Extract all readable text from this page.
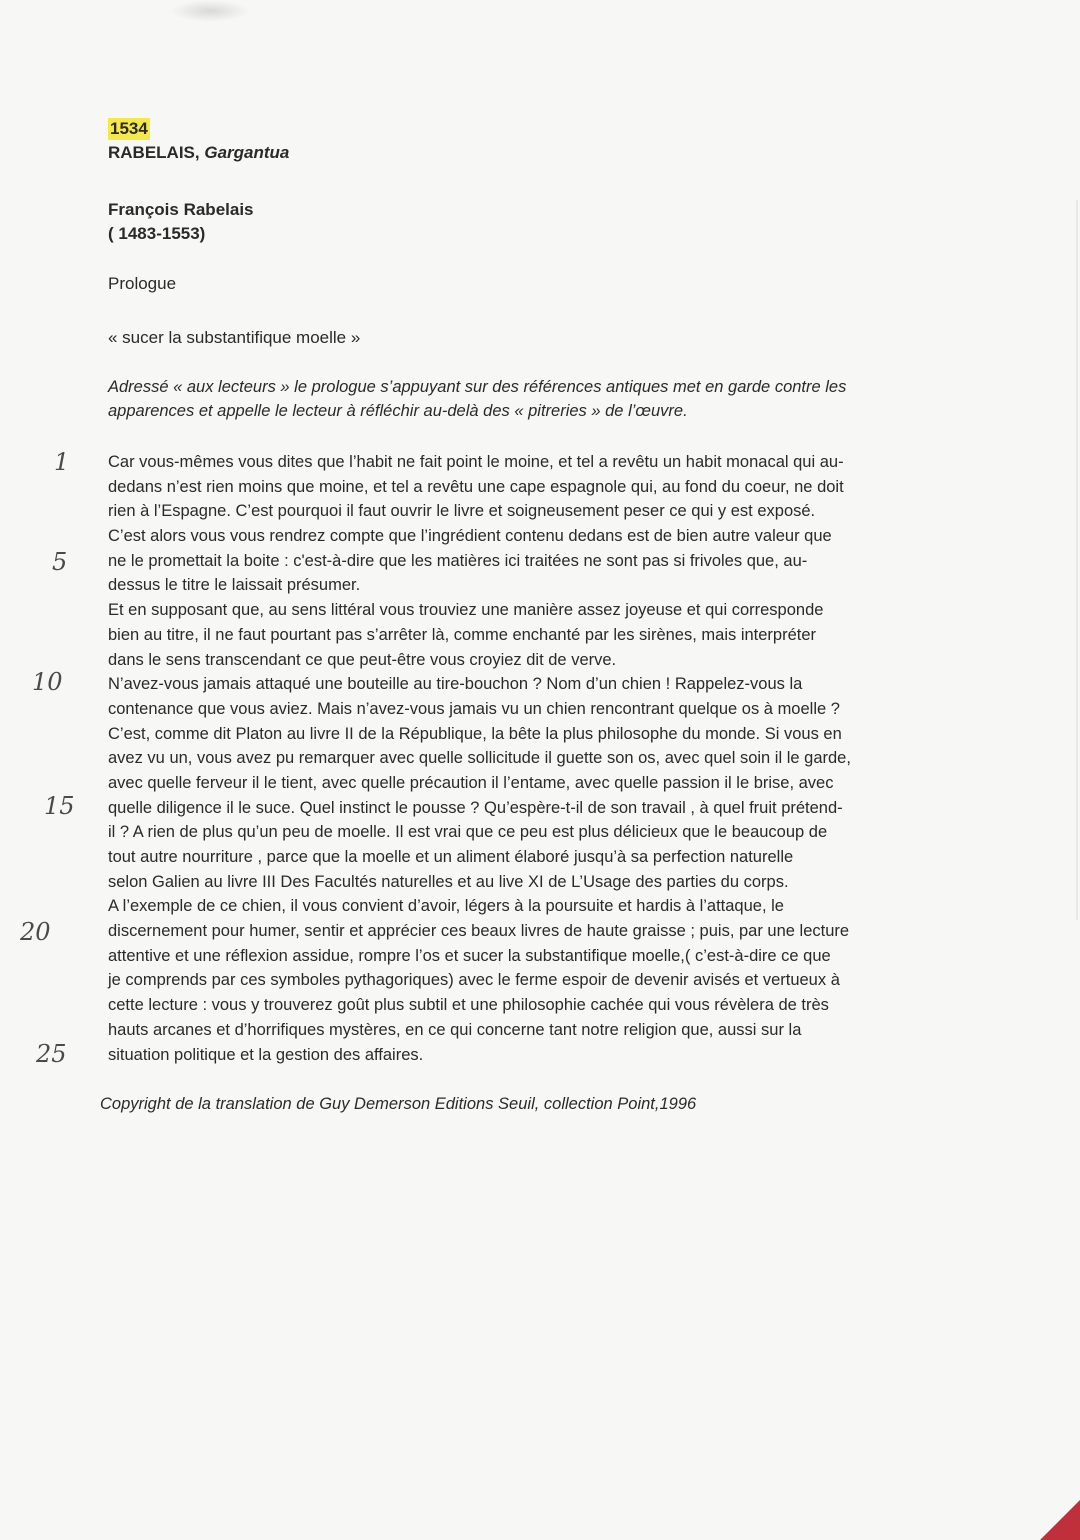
1534
RABELAIS, Gargantua
François Rabelais
( 1483-1553)
Prologue
« sucer la substantifique moelle »
Adressé « aux lecteurs » le prologue s’appuyant sur des références antiques met en garde contre les
apparences et appelle le lecteur à réfléchir au-delà des « pitreries » de l’œuvre.
Car vous-mêmes vous dites que l’habit ne fait point le moine, et tel a revêtu un habit monacal qui au-
dedans n’est rien moins que moine, et tel a revêtu une cape espagnole qui, au fond du coeur, ne doit
rien à l’Espagne. C’est pourquoi il faut ouvrir le livre et soigneusement peser ce qui y est exposé.
C’est alors vous vous rendrez compte que l’ingrédient contenu dedans est de bien autre valeur que
ne le promettait la boite : c'est-à-dire que les matières ici traitées ne sont pas si frivoles que, au-
dessus le titre le laissait présumer.
Et en supposant que, au sens littéral vous trouviez une manière assez joyeuse et qui corresponde
bien au titre, il ne faut pourtant pas s’arrêter là, comme enchanté par les sirènes, mais interpréter
dans le sens transcendant ce que peut-être vous croyiez dit de verve.
N’avez-vous jamais attaqué une bouteille au tire-bouchon ? Nom d’un chien ! Rappelez-vous la
contenance que vous aviez. Mais n’avez-vous jamais vu un chien rencontrant quelque os à moelle ?
C’est, comme dit Platon au livre II de la République, la bête la plus philosophe du monde. Si vous en
avez vu un, vous avez pu remarquer avec quelle sollicitude il guette son os, avec quel soin il le garde,
avec quelle ferveur il le tient, avec quelle précaution il l’entame, avec quelle passion il le brise, avec
quelle diligence il le suce. Quel instinct le pousse ? Qu’espère-t-il de son travail , à quel fruit prétend-
il ? A rien de plus qu’un peu de moelle. Il est vrai que ce peu est plus délicieux que le beaucoup de
tout autre nourriture , parce que la moelle et un aliment élaboré jusqu’à sa perfection naturelle
selon Galien au livre III Des Facultés naturelles et au live XI de L’Usage des parties du corps.
A l’exemple de ce chien, il vous convient d’avoir, légers à la poursuite et hardis à l’attaque, le
discernement pour humer, sentir et apprécier ces beaux livres de haute graisse ; puis, par une lecture
attentive et une réflexion assidue, rompre l’os et sucer la substantifique moelle,( c’est-à-dire ce que
je comprends par ces symboles pythagoriques) avec le ferme espoir de devenir avisés et vertueux à
cette lecture : vous y trouverez goût plus subtil et une philosophie cachée qui vous révèlera de très
hauts arcanes et d’horrifiques mystères, en ce qui concerne tant notre religion que, aussi sur la
situation politique et la gestion des affaires.
1
5
10
15
20
25
Copyright de la translation de Guy Demerson Editions Seuil, collection Point,1996
